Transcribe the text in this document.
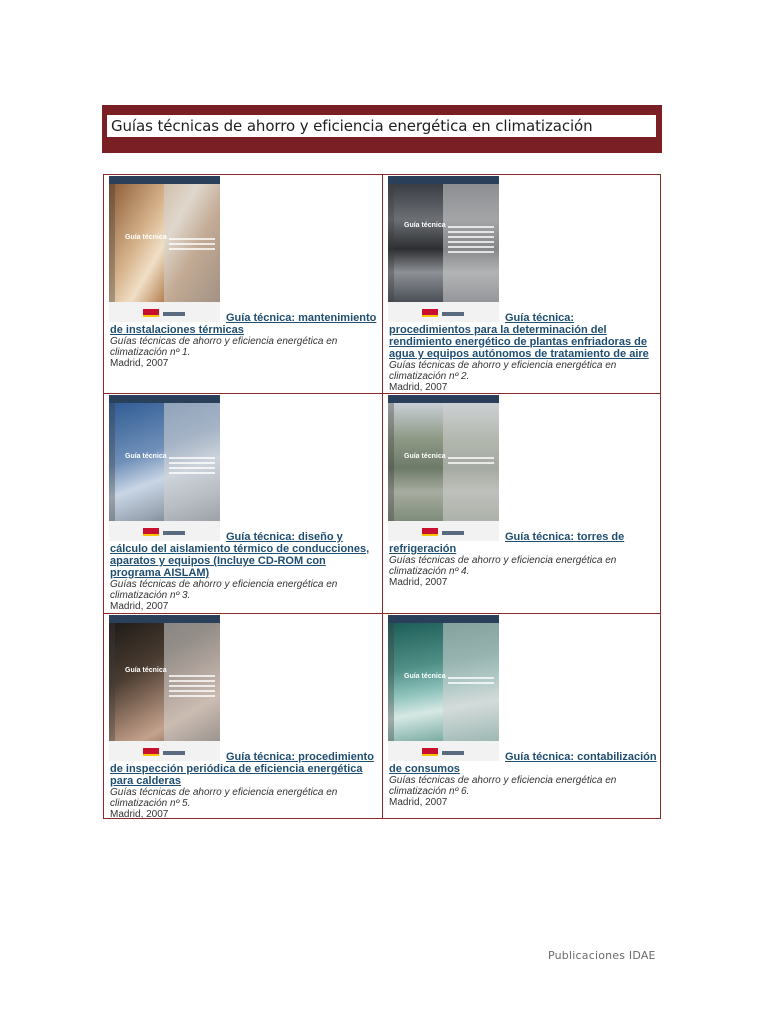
Guías técnicas de ahorro y eficiencia energética en climatización
Guía técnica
Guía técnica: mantenimiento de instalaciones térmicas
Guías técnicas de ahorro y eficiencia energética en climatización nº 1.
Madrid, 2007
Guía técnica
Guía técnica: procedimientos para la determinación del rendimiento energético de plantas enfriadoras de agua y equipos autónomos de tratamiento de aire
Guías técnicas de ahorro y eficiencia energética en climatización nº 2.
Madrid, 2007
Guía técnica
Guía técnica: diseño y cálculo del aislamiento térmico de conducciones, aparatos y equipos (Incluye CD-ROM con programa AISLAM)
Guías técnicas de ahorro y eficiencia energética en climatización nº 3.
Madrid, 2007
Guía técnica
Guía técnica: torres de refrigeración
Guías técnicas de ahorro y eficiencia energética en climatización nº 4.
Madrid, 2007
Guía técnica
Guía técnica: procedimiento de inspección periódica de eficiencia energética para calderas
Guías técnicas de ahorro y eficiencia energética en climatización nº 5.
Madrid, 2007
Guía técnica
Guía técnica: contabilización de consumos
Guías técnicas de ahorro y eficiencia energética en climatización nº 6.
Madrid, 2007
Publicaciones IDAE
